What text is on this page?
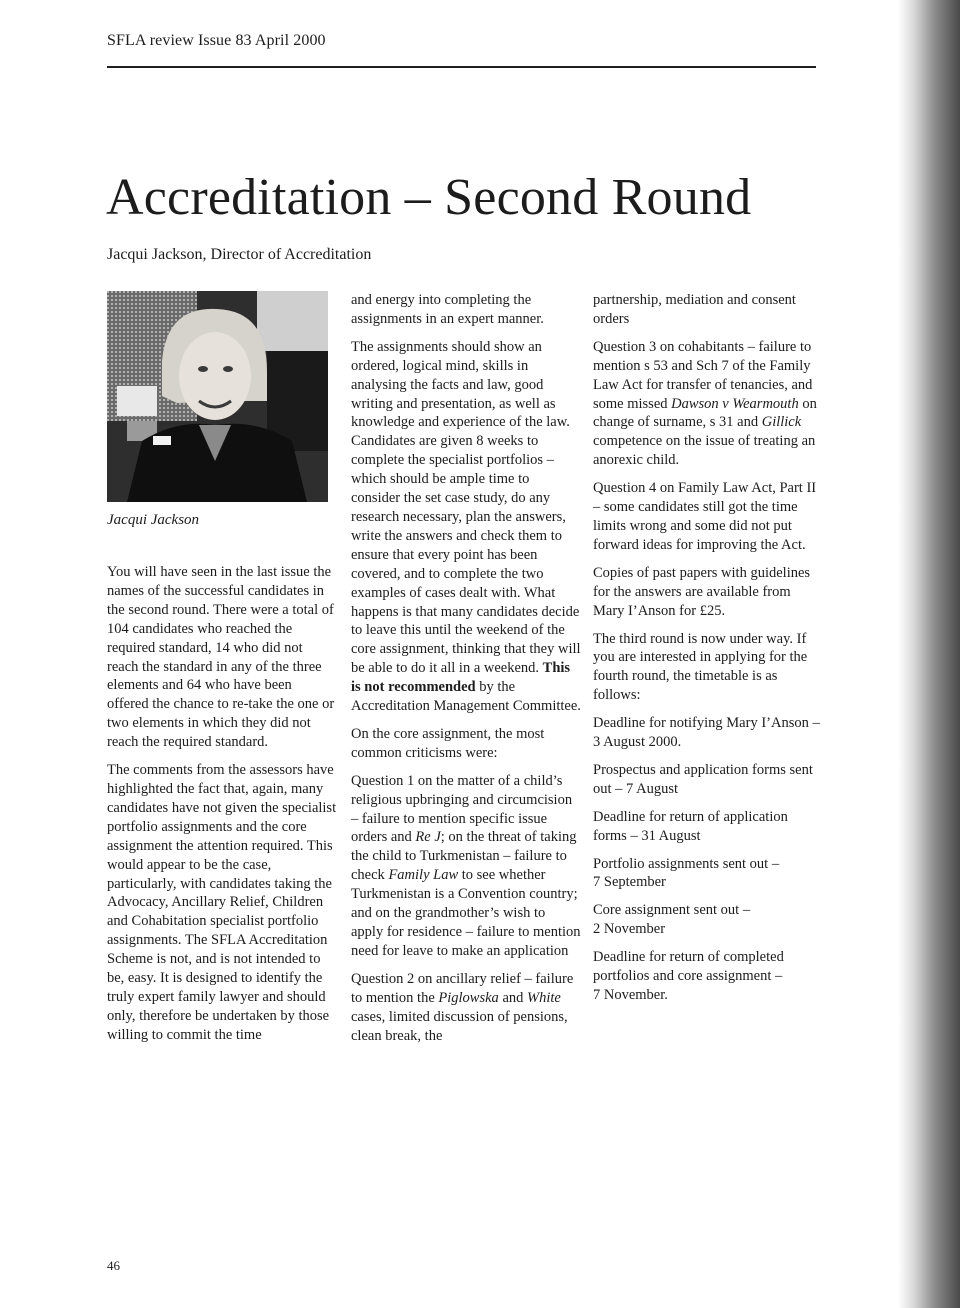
SFLA review Issue 83 April 2000
Accreditation – Second Round
Jacqui Jackson, Director of Accreditation
Jacqui Jackson

You will have seen in the last issue the names of the successful candidates in the second round. There were a total of 104 candidates who reached the required standard, 14 who did not reach the standard in any of the three elements and 64 who have been offered the chance to re-take the one or two elements in which they did not reach the required standard.

The comments from the assessors have highlighted the fact that, again, many candidates have not given the specialist portfolio assignments and the core assignment the attention required. This would appear to be the case, particularly, with candidates taking the Advocacy, Ancillary Relief, Children and Cohabitation specialist portfolio assignments. The SFLA Accreditation Scheme is not, and is not intended to be, easy. It is designed to identify the truly expert family lawyer and should only, therefore be undertaken by those willing to commit the time

and energy into completing the assignments in an expert manner.

The assignments should show an ordered, logical mind, skills in analysing the facts and law, good writing and presentation, as well as knowledge and experience of the law. Candidates are given 8 weeks to complete the specialist portfolios – which should be ample time to consider the set case study, do any research necessary, plan the answers, write the answers and check them to ensure that every point has been covered, and to complete the two examples of cases dealt with. What happens is that many candidates decide to leave this until the weekend of the core assignment, thinking that they will be able to do it all in a weekend. This is not recommended by the Accreditation Management Committee.

On the core assignment, the most common criticisms were:

Question 1 on the matter of a child’s religious upbringing and circumcision – failure to mention specific issue orders and Re J; on the threat of taking the child to Turkmenistan – failure to check Family Law to see whether Turkmenistan is a Convention country; and on the grandmother’s wish to apply for residence – failure to mention need for leave to make an application

Question 2 on ancillary relief – failure to mention the Piglowska and White cases, limited discussion of pensions, clean break, the

partnership, mediation and consent orders

Question 3 on cohabitants – failure to mention s 53 and Sch 7 of the Family Law Act for transfer of tenancies, and some missed Dawson v Wearmouth on change of surname, s 31 and Gillick competence on the issue of treating an anorexic child.

Question 4 on Family Law Act, Part II – some candidates still got the time limits wrong and some did not put forward ideas for improving the Act.

Copies of past papers with guidelines for the answers are available from Mary I’Anson for £25.

The third round is now under way. If you are interested in applying for the fourth round, the timetable is as follows:

Deadline for notifying Mary I’Anson – 3 August 2000.

Prospectus and application forms sent out – 7 August

Deadline for return of application forms – 31 August

Portfolio assignments sent out –
7 September

Core assignment sent out –
2 November

Deadline for return of completed portfolios and core assignment –
7 November.

46
